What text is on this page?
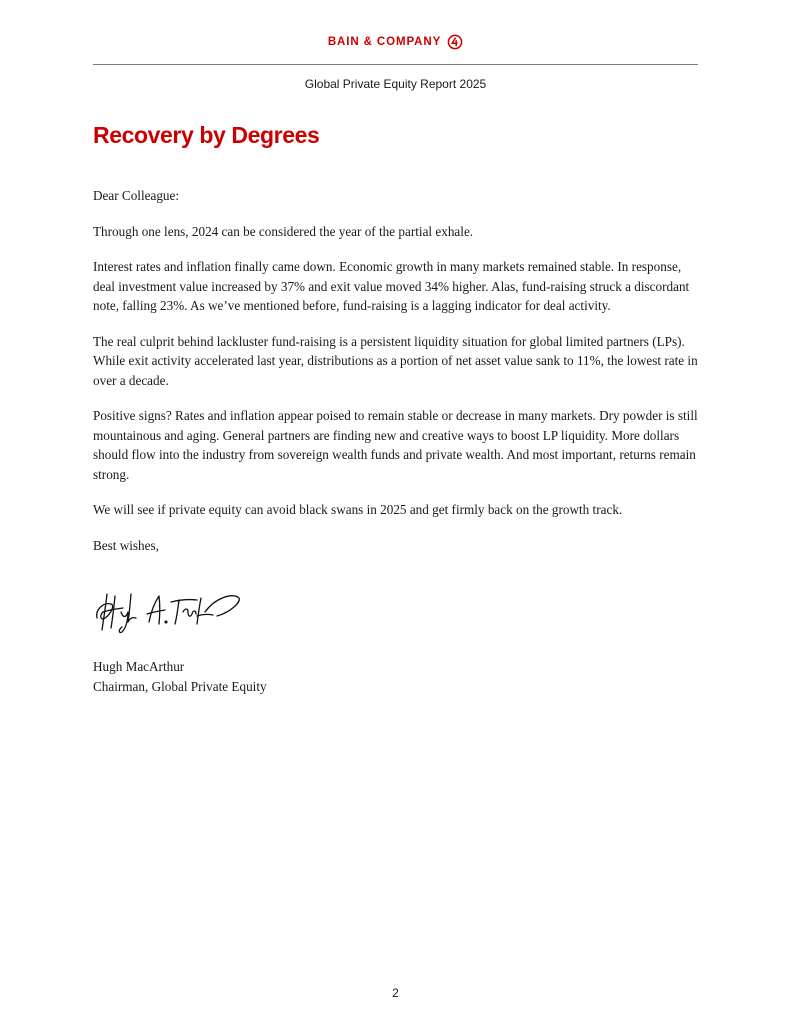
BAIN & COMPANY
Global Private Equity Report 2025
Recovery by Degrees

Dear Colleague:

Through one lens, 2024 can be considered the year of the partial exhale.

Interest rates and inflation finally came down. Economic growth in many markets remained stable. In response, deal investment value increased by 37% and exit value moved 34% higher. Alas, fund-raising struck a discordant note, falling 23%. As we’ve mentioned before, fund-raising is a lagging indicator for deal activity.

The real culprit behind lackluster fund-raising is a persistent liquidity situation for global limited partners (LPs). While exit activity accelerated last year, distributions as a portion of net asset value sank to 11%, the lowest rate in over a decade.

Positive signs? Rates and inflation appear poised to remain stable or decrease in many markets. Dry powder is still mountainous and aging. General partners are finding new and creative ways to boost LP liquidity. More dollars should flow into the industry from sovereign wealth funds and private wealth. And most important, returns remain strong.

We will see if private equity can avoid black swans in 2025 and get firmly back on the growth track.

Best wishes,

Hugh MacArthur
Chairman, Global Private Equity
2
